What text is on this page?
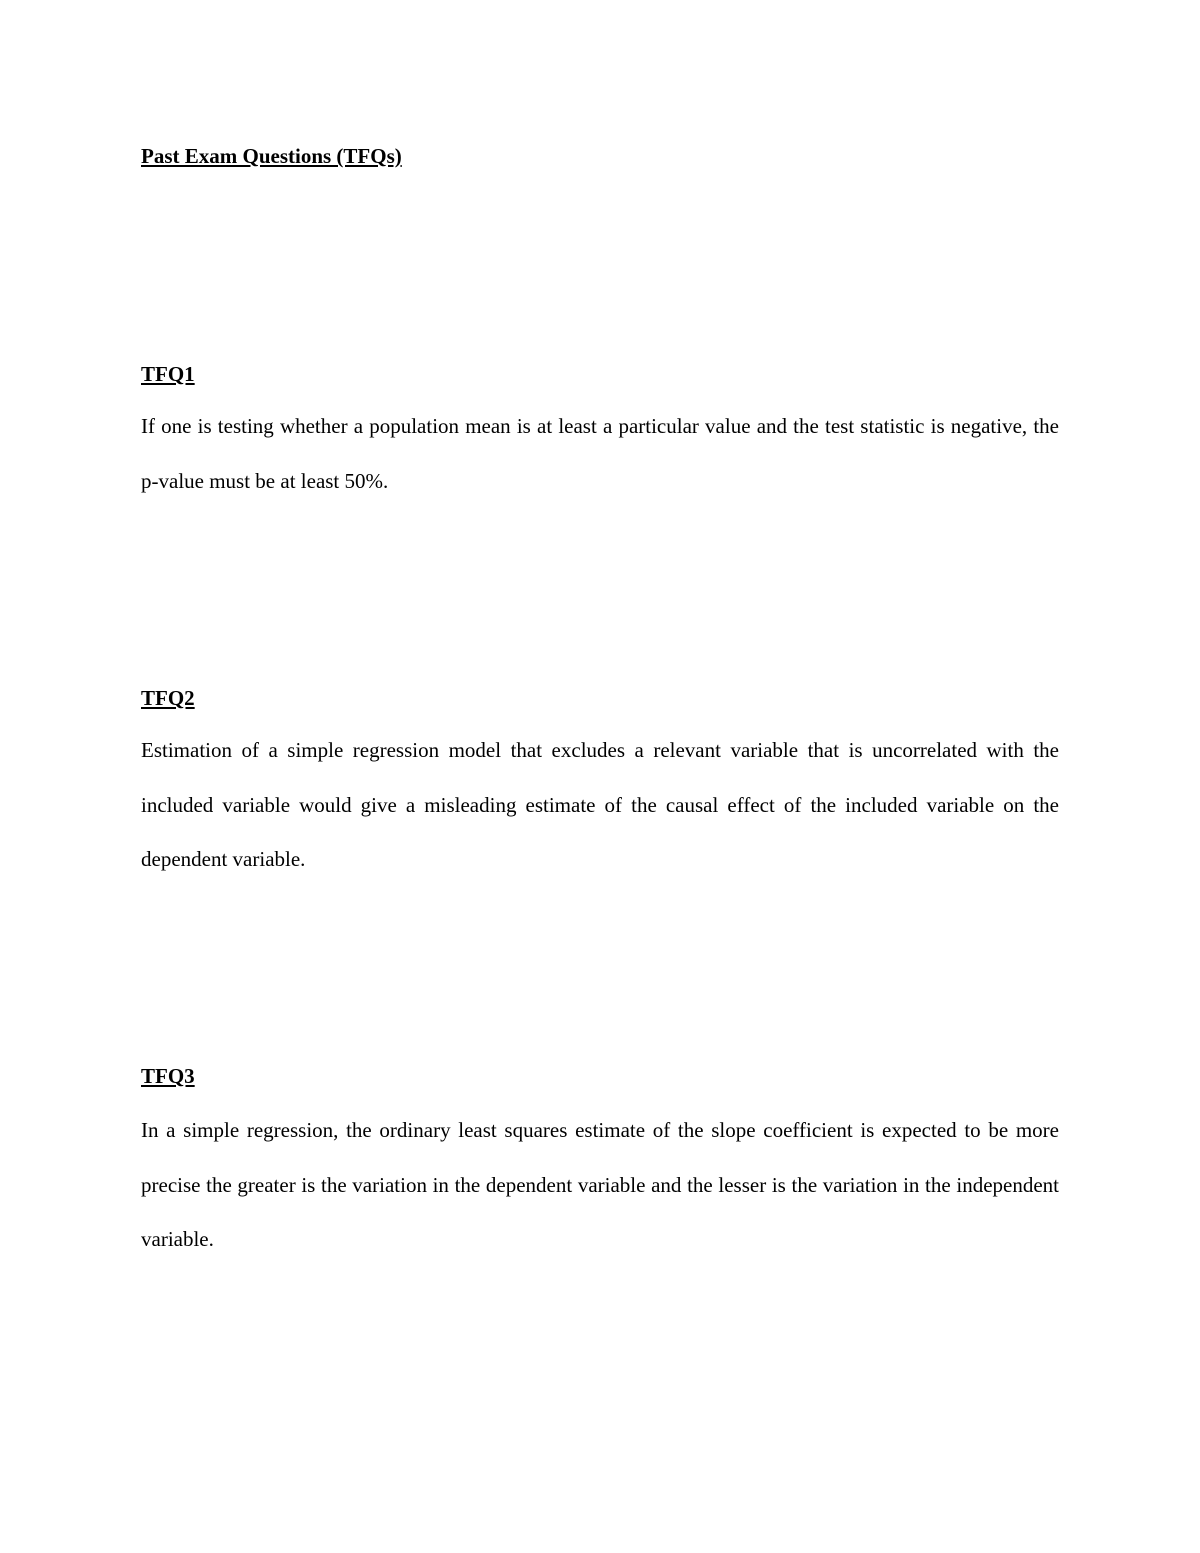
Past Exam Questions (TFQs)
TFQ1

If one is testing whether a population mean is at least a particular value and the test statistic is negative, the p-value must be at least 50%.

TFQ2

Estimation of a simple regression model that excludes a relevant variable that is uncorrelated with the included variable would give a misleading estimate of the causal effect of the included variable on the dependent variable.

TFQ3

In a simple regression, the ordinary least squares estimate of the slope coefficient is expected to be more precise the greater is the variation in the dependent variable and the lesser is the variation in the independent variable.
